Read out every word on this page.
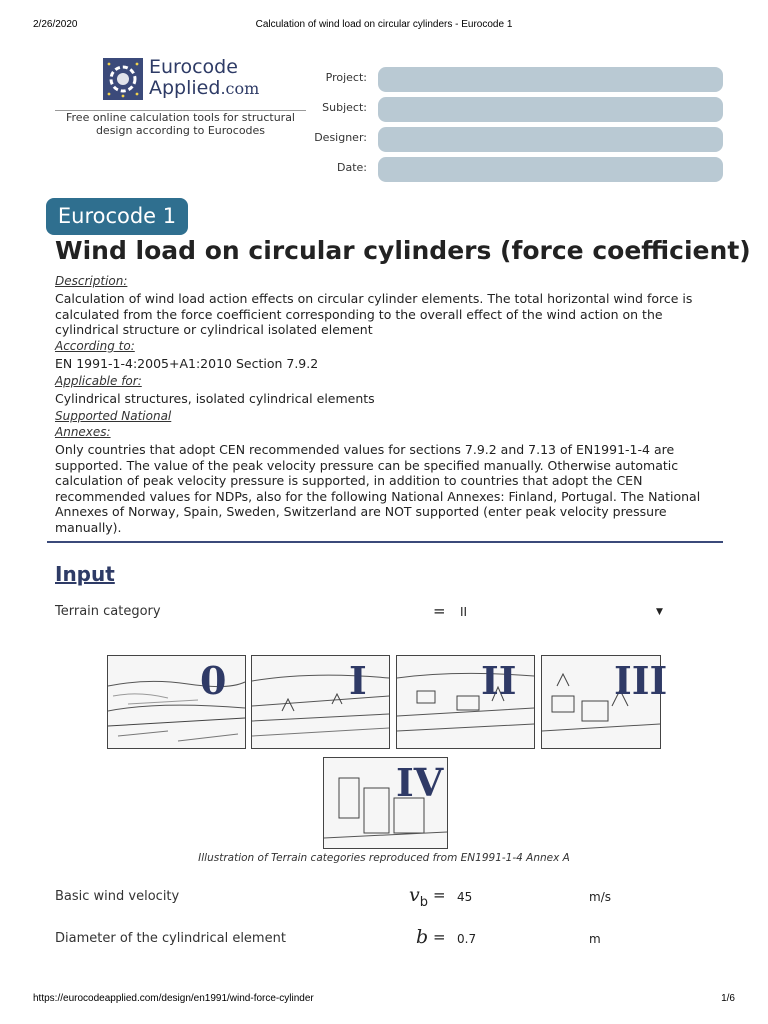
2/26/2020	Calculation of wind load on circular cylinders - Eurocode 1
Eurocode
Applied.com
Free online calculation tools for structural design according to Eurocodes
Project:
Subject:
Designer:
Date:
Eurocode 1
Wind load on circular cylinders (force coefficient)
Description:
Calculation of wind load action effects on circular cylinder elements. The total horizontal wind force is calculated from the force coefficient corresponding to the overall effect of the wind action on the cylindrical structure or cylindrical isolated element
According to:
EN 1991-1-4:2005+A1:2010 Section 7.9.2
Applicable for:
Cylindrical structures, isolated cylindrical elements
Supported National
Annexes:
Only countries that adopt CEN recommended values for sections 7.9.2 and 7.13 of EN1991-1-4 are supported. The value of the peak velocity pressure can be specified manually. Otherwise automatic calculation of peak velocity pressure is supported, in addition to countries that adopt the CEN recommended values for NDPs, also for the following National Annexes: Finland, Portugal. The National Annexes of Norway, Spain, Sweden, Switzerland are NOT supported (enter peak velocity pressure manually).
Input
Terrain category	= II	▼
0	I	II	III
IV
Illustration of Terrain categories reproduced from EN1991-1-4 Annex A
Basic wind velocity	$v_b = 45$	m/s
Diameter of the cylindrical element	b = 0.7	m
https://eurocodeapplied.com/design/en1991/wind-force-cylinder	1/6
